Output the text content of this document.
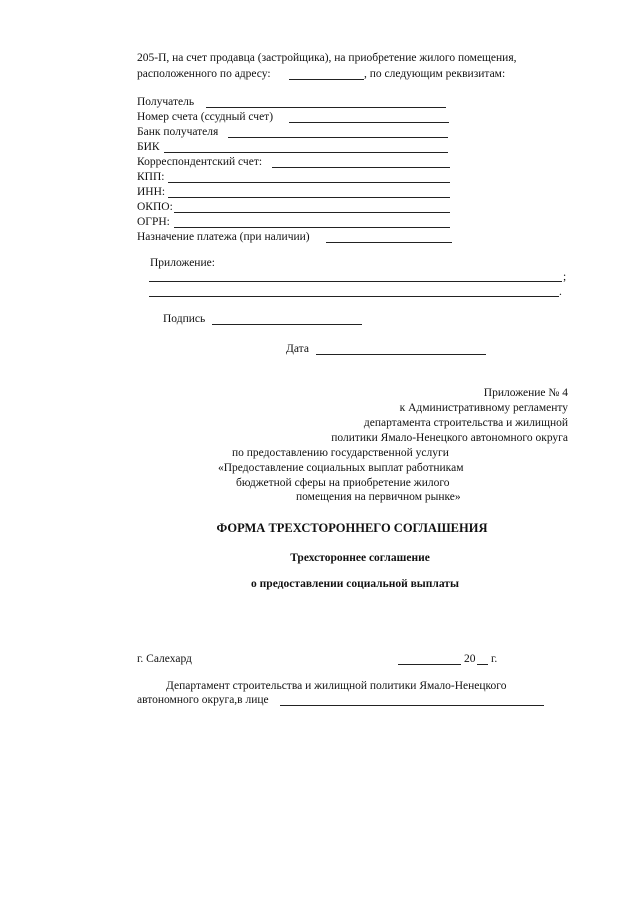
205-П, на счет продавца (застройщика), на приобретение жилого помещения,
расположенного по адресу:	, по следующим реквизитам:
Получатель
Номер счета (ссудный счет)
Банк получателя
БИК
Корреспондентский счет:
КПП:
ИНН:
ОКПО:
ОГРН:
Назначение платежа (при наличии)
Приложение:
;
.
Подпись
Дата
Приложение № 4
к Административному регламенту
департамента строительства и жилищной
политики Ямало-Ненецкого автономного округа
по предоставлению государственной услуги
«Предоставление социальных выплат работникам
бюджетной сферы на приобретение жилого
помещения на первичном рынке»
ФОРМА ТРЕХСТОРОННЕГО СОГЛАШЕНИЯ
Трехстороннее соглашение
о предоставлении социальной выплаты
г. Салехард	20 г.
Департамент строительства и жилищной политики Ямало-Ненецкого
автономного округа,в лице
